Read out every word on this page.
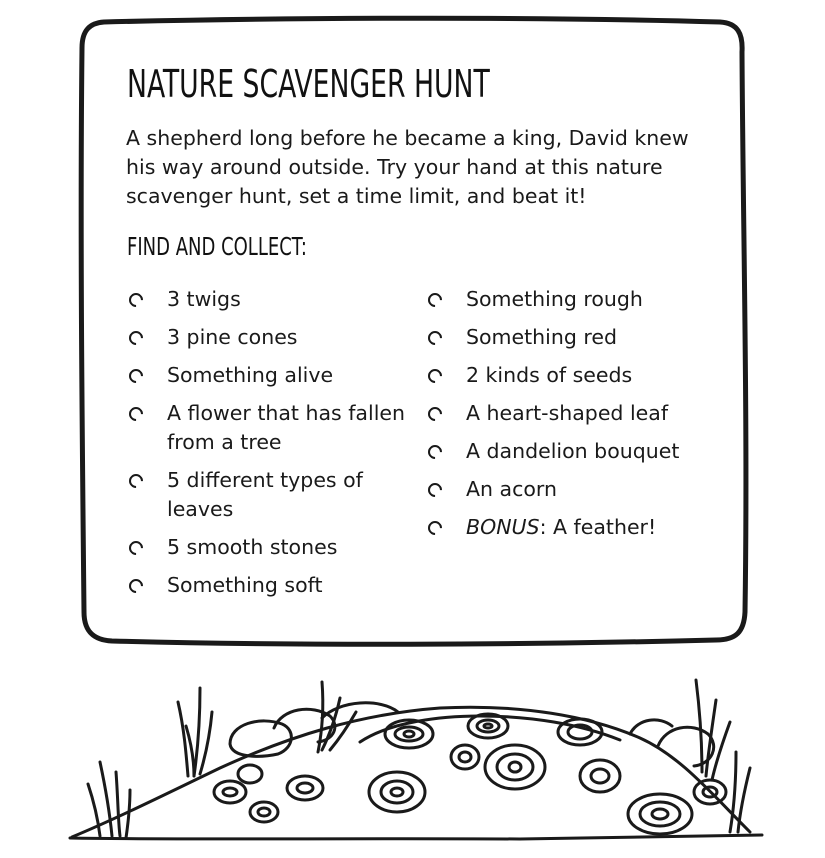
NATURE SCAVENGER HUNT
A shepherd long before he became a king, David knew his way around outside. Try your hand at this nature scavenger hunt, set a time limit, and beat it!
FIND AND COLLECT:
3 twigs
3 pine cones
Something alive
A flower that has fallen from a tree
5 different types of leaves
5 smooth stones
Something soft
Something rough
Something red
2 kinds of seeds
A heart-shaped leaf
A dandelion bouquet
An acorn
BONUS: A feather!
